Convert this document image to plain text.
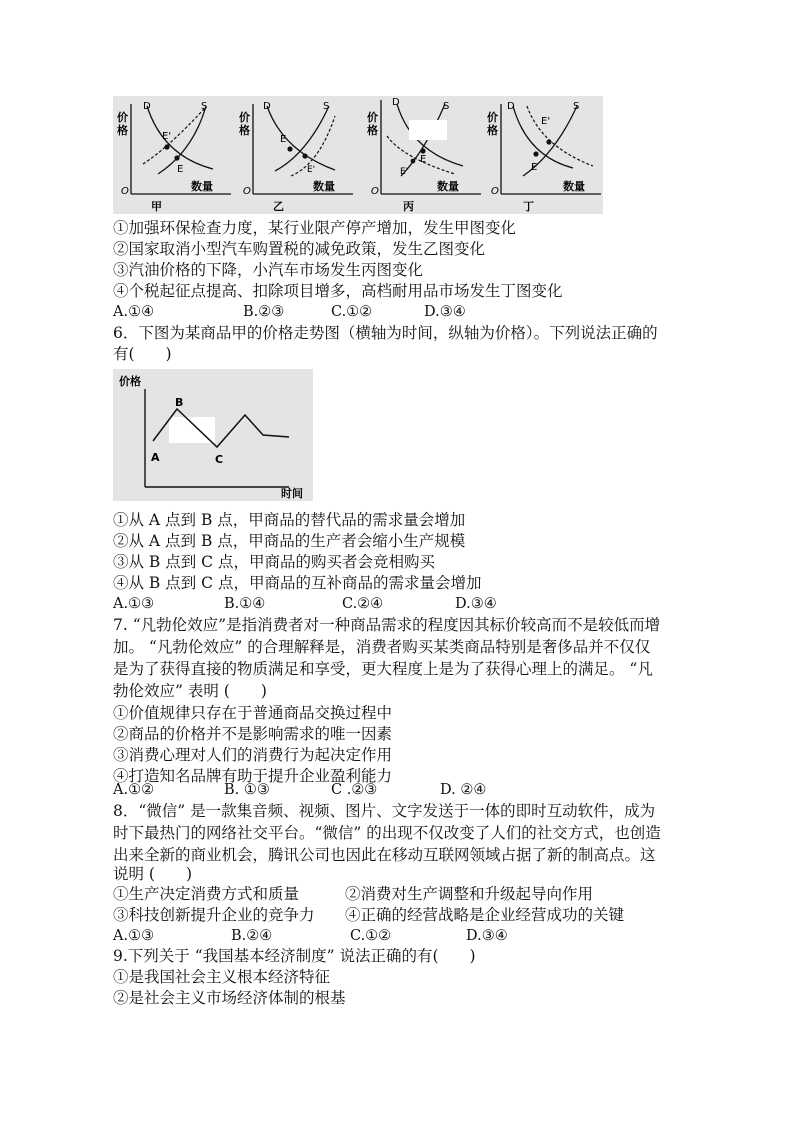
D	S
E'
E
价
格
数量
O
甲
D	S
E
E'
价
格
数量
O
乙
D	S
E
E'
价
格
数量
O
丙
D	S
E'
E
价
格
数量
O
丁
①加强环保检查力度，某行业限产停产增加，发生甲图变化
②国家取消小型汽车购置税的减免政策，发生乙图变化
③汽油价格的下降，小汽车市场发生丙图变化
④个税起征点提高、扣除项目增多，高档耐用品市场发生丁图变化
A.①④	B.②③	C.①②	D.③④
6．下图为某商品甲的价格走势图（横轴为时间，纵轴为价格）。下列说法正确的
有(　　)
价格
时间
A
B
C
①从 A 点到 B 点，甲商品的替代品的需求量会增加
②从 A 点到 B 点，甲商品的生产者会缩小生产规模
③从 B 点到 C 点，甲商品的购买者会竞相购买
④从 B 点到 C 点，甲商品的互补商品的需求量会增加
A.①③	B.①④	C.②④	D.③④
7. “凡勃伦效应”是指消费者对一种商品需求的程度因其标价较高而不是较低而增
加。 “凡勃伦效应” 的合理解释是，消费者购买某类商品特别是奢侈品并不仅仅
是为了获得直接的物质满足和享受，更大程度上是为了获得心理上的满足。 “凡
勃伦效应” 表明 (　　)
①价值规律只存在于普通商品交换过程中
②商品的价格并不是影响需求的唯一因素
③消费心理对人们的消费行为起决定作用
④打造知名品牌有助于提升企业盈利能力
A.①②	B. ①③	C .②③	D. ②④
8．“微信” 是一款集音频、视频、图片、文字发送于一体的即时互动软件，成为
时下最热门的网络社交平台。“微信” 的出现不仅改变了人们的社交方式，也创造
出来全新的商业机会，腾讯公司也因此在移动互联网领域占据了新的制高点。这
说明 (　　)
①生产决定消费方式和质量	②消费对生产调整和升级起导向作用
③科技创新提升企业的竞争力 ④正确的经营战略是企业经营成功的关键
A.①③	B.②④	C.①②	D.③④
9.下列关于 “我国基本经济制度” 说法正确的有(　　)
①是我国社会主义根本经济特征
②是社会主义市场经济体制的根基
